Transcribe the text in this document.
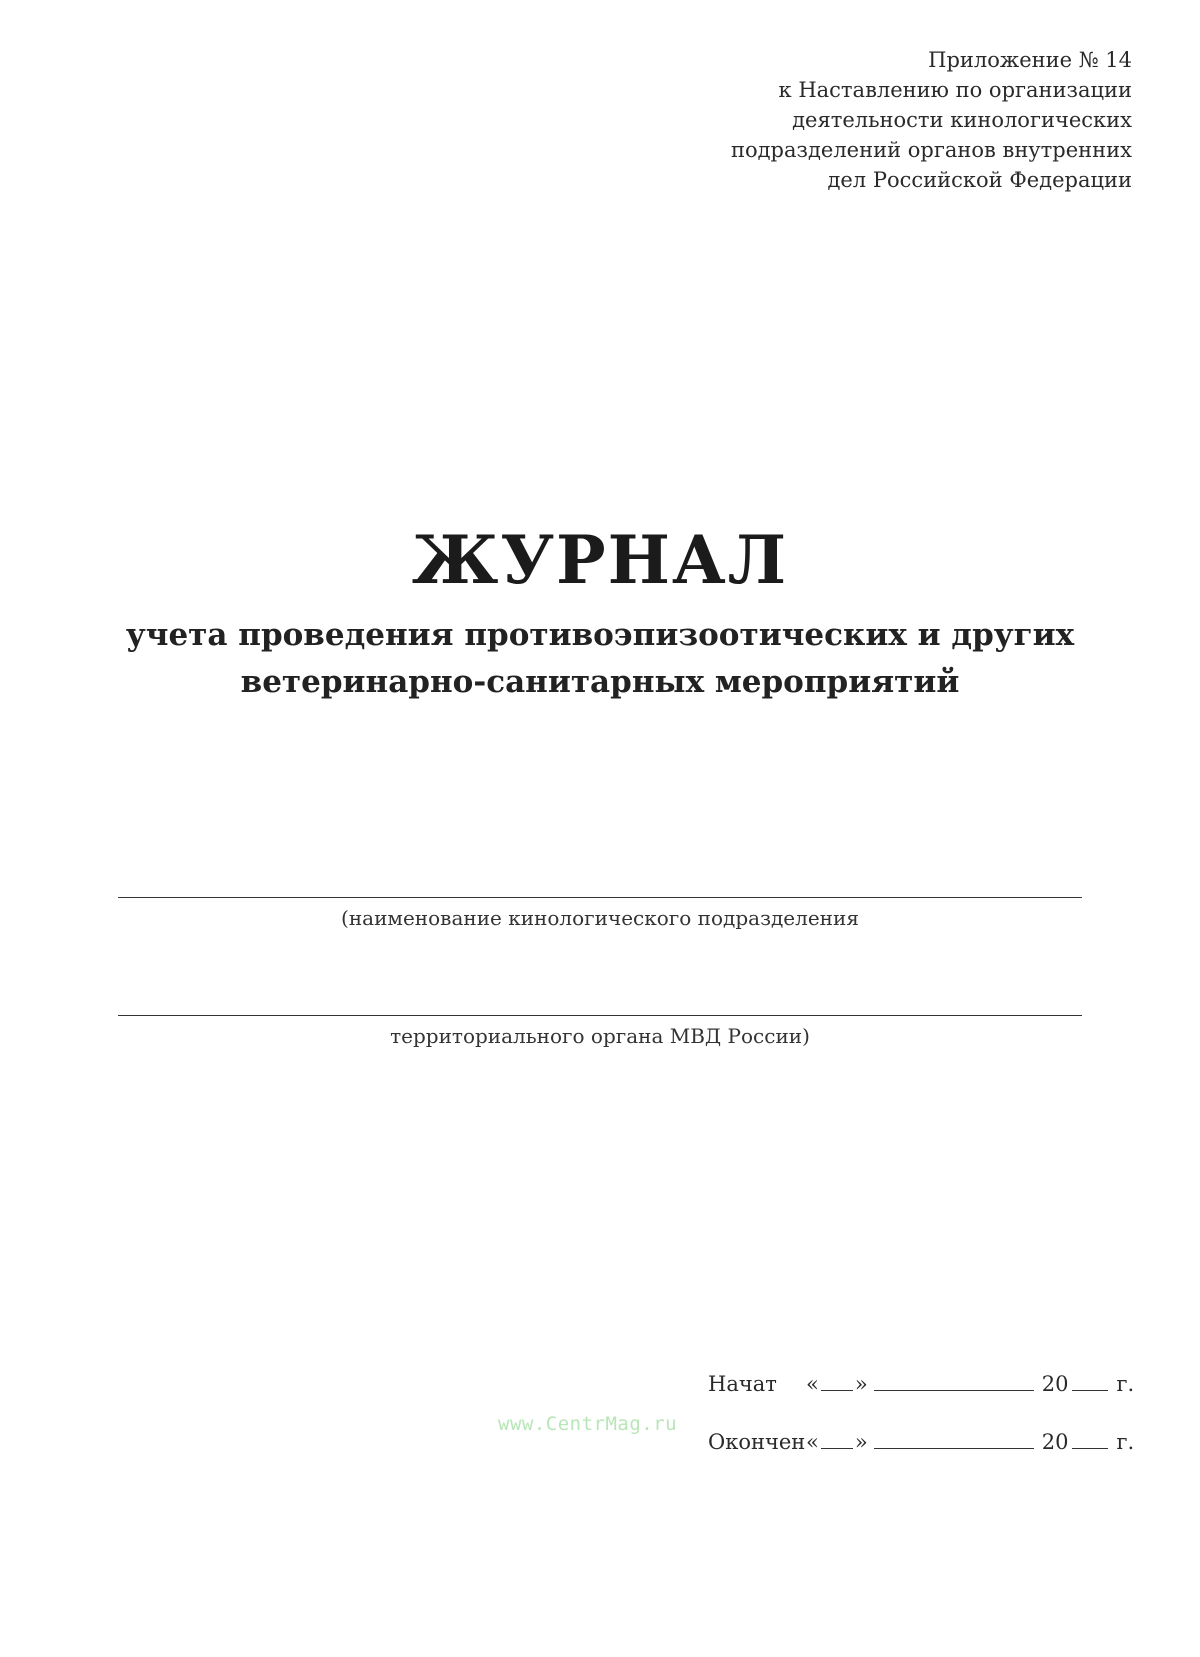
Приложение № 14
к Наставлению по организации
деятельности кинологических
подразделений органов внутренних
дел Российской Федерации
ЖУРНАЛ
учета проведения противоэпизоотических и других
ветеринарно-санитарных мероприятий
(наименование кинологического подразделения
территориального органа МВД России)
Начат	« »	20 г.
Окончен « »	20 г.
www.CentrMag.ru
